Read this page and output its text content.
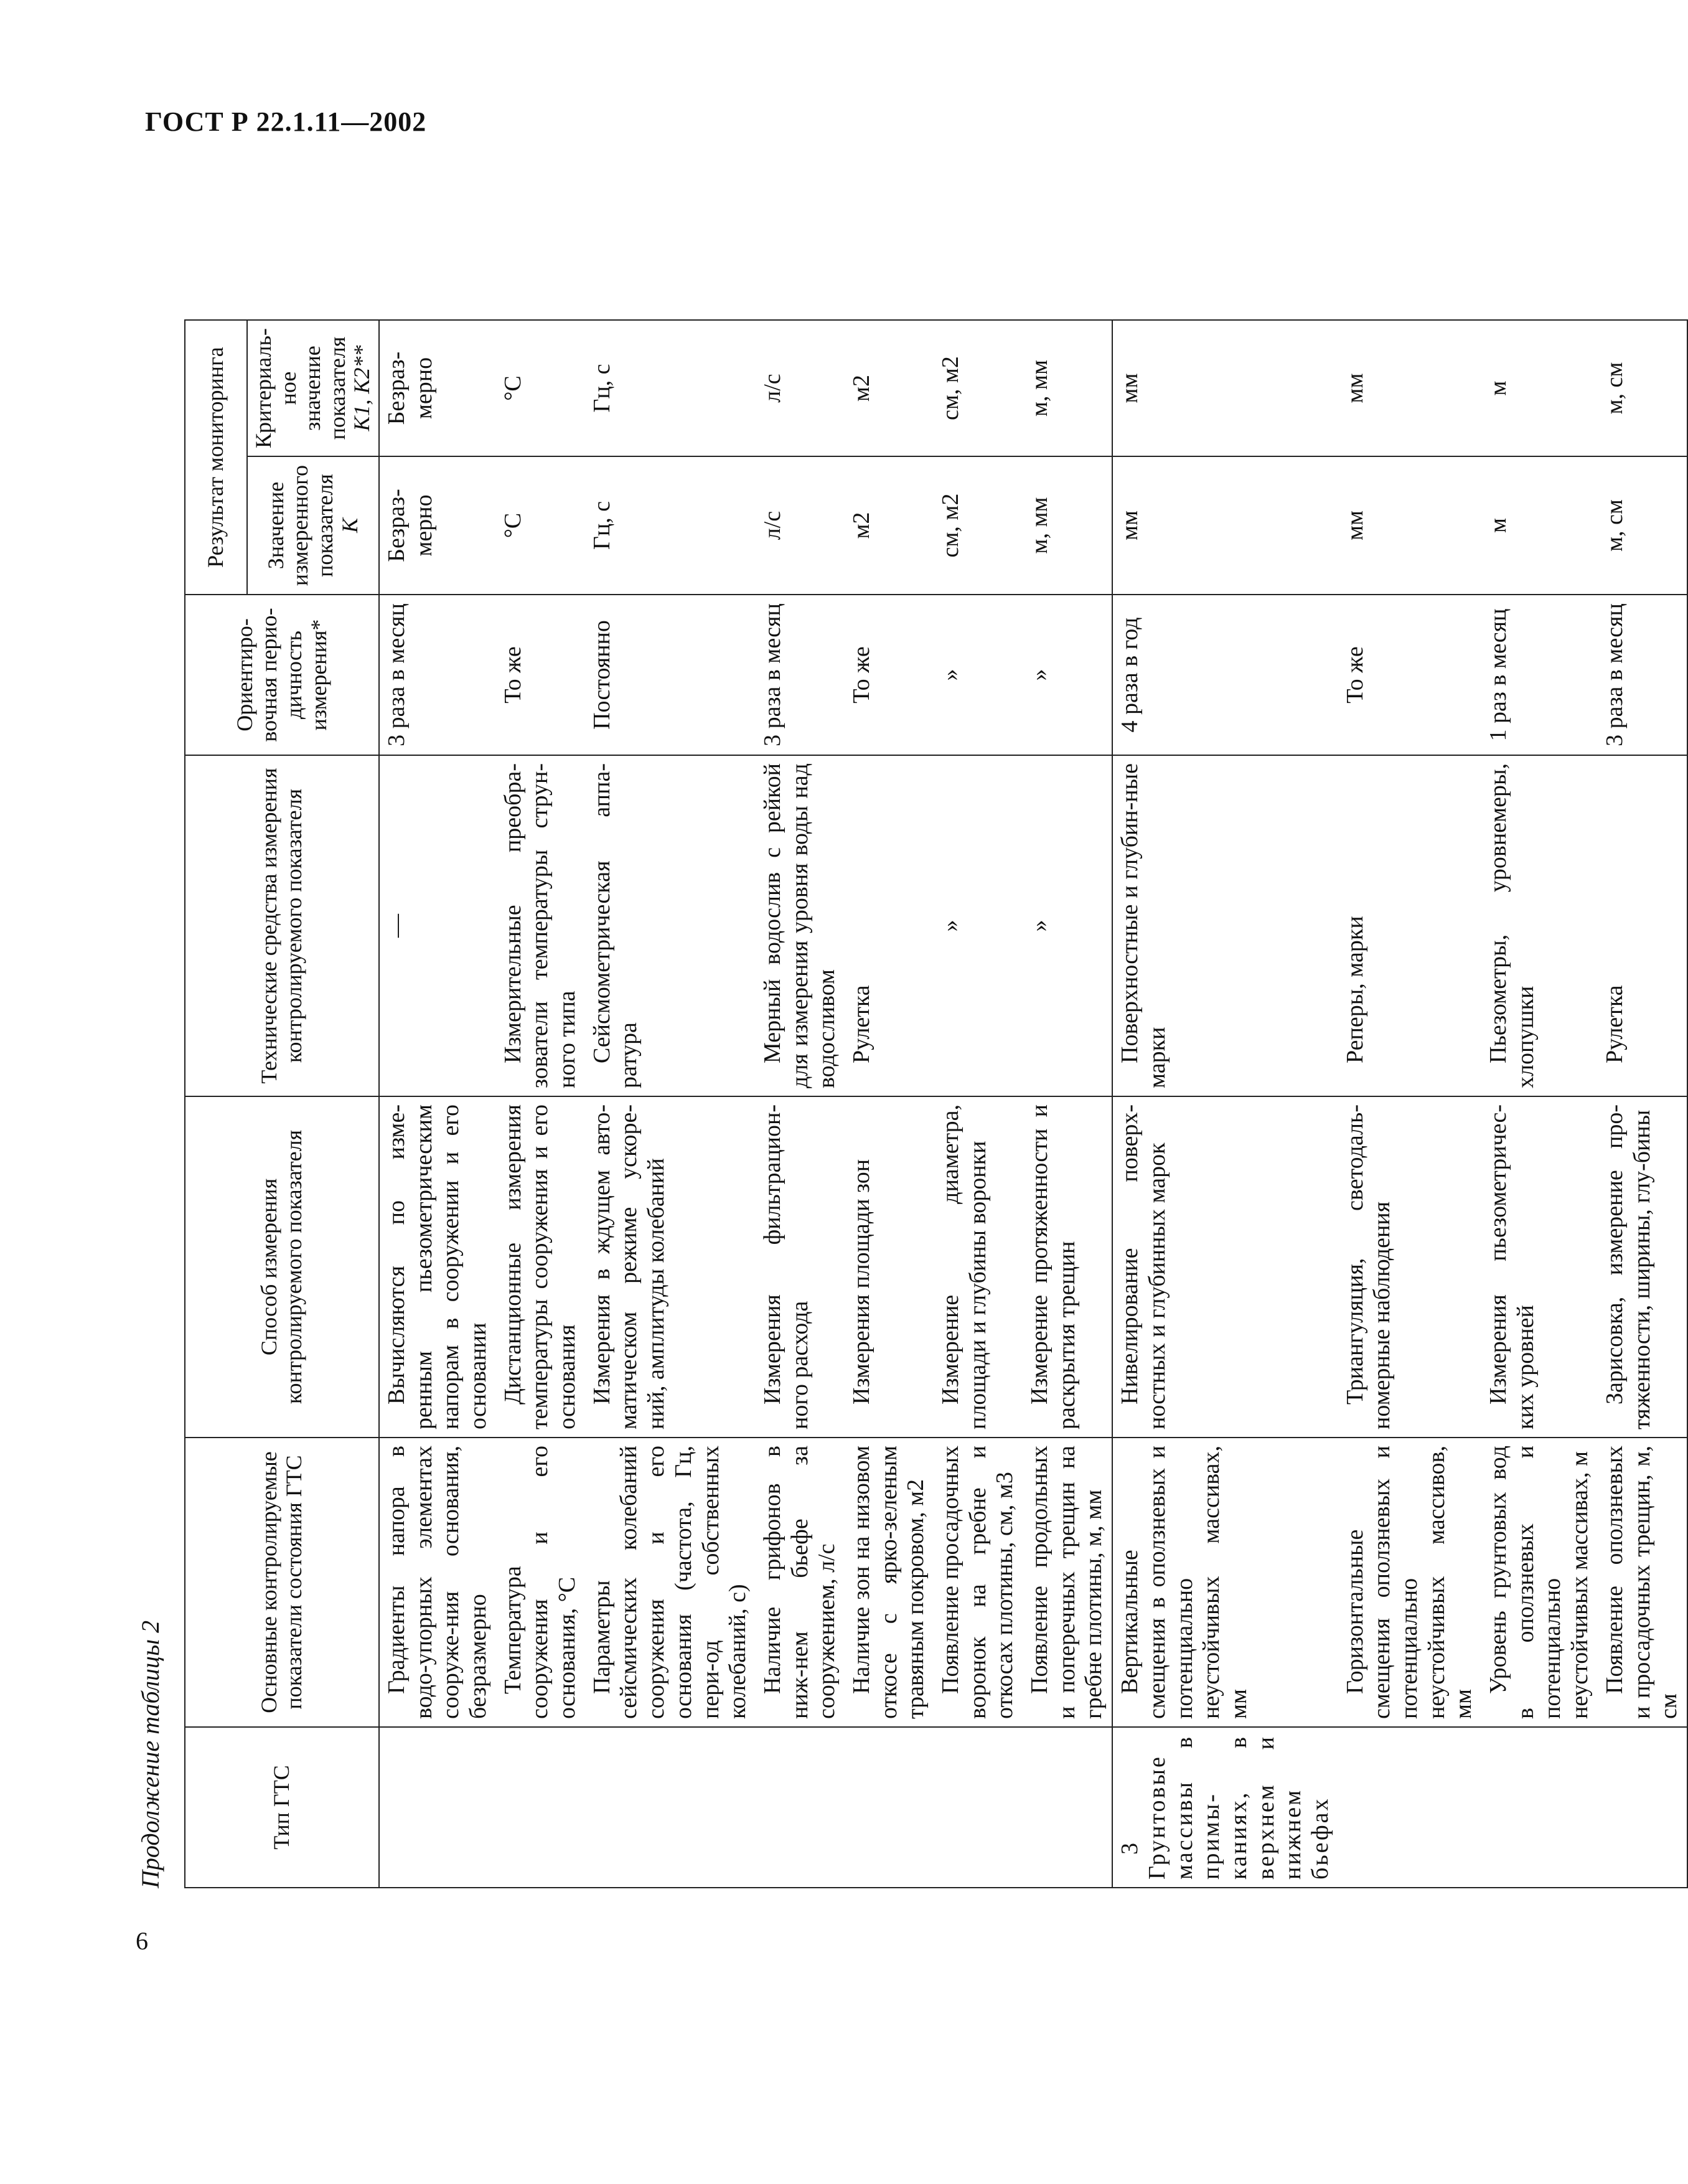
ГОСТ Р 22.1.11—2002
6
Продолжение таблицы 2	Тип ГТС	Основные контролируемые показатели состояния ГТС	Способ измерения контролируемого показателя	Технические средства измерения контролируемого показателя	Ориентиро-вочная перио-дичность измерения*	Результат мониторинга	
					Значение измеренного показателя K	Критериаль-ное значение показателя K1, K2**
	Градиенты напора в водо-упорных элементах сооруже-ния основания, безразмерно	Вычисляются по изме-ренным пьезометрическим напорам в сооружении и его основании	—	3 раза в месяц	Безраз-мерно	Безраз-мерно
	Температура сооружения и его основания, °С	Дистанционные измерения температуры сооружения и его основания	Измерительные преобра-зователи температуры струн-ного типа	То же	°С	°С
	Параметры сейсмических колебаний сооружения и его основания (частота, Гц, пери-од собственных колебаний, с)	Измерения в ждущем авто-матическом режиме ускоре-ний, амплитуды колебаний	Сейсмометрическая аппа-ратура	Постоянно	Гц, с	Гц, с
	Наличие грифонов в ниж-нем бьефе за сооружением, л/с	Измерения фильтрацион-ного расхода	Мерный водослив с рейкой для измерения уровня воды над водосливом	3 раза в месяц	л/с	л/с
	Наличие зон на низовом откосе с ярко-зеленым травяным покровом, м2	Измерения площади зон	Рулетка	То же	м2	м2
	Появление просадочных воронок на гребне и откосах плотины, см, м3	Измерение диаметра, площади и глубины воронки	»	»	см, м2	см, м2
	Появление продольных и поперечных трещин на гребне плотины, м, мм	Измерение протяженности и раскрытия трещин	»	»	м, мм	м, мм
3 Грунтовые массивы в примы-каниях, в верхнем и нижнем бьефах	Вертикальные смещения в оползневых и потенциально неустойчивых массивах, мм	Нивелирование поверх-ностных и глубинных марок	Поверхностные и глубин-ные марки	4 раза в год	мм	мм
	Горизонтальные смещения оползневых и потенциально неустойчивых массивов, мм	Триангуляция, светодаль-номерные наблюдения	Реперы, марки	То же	мм	мм
	Уровень грунтовых вод в оползневых и потенциально неустойчивых массивах, м	Измерения пьезометричес-ких уровней	Пьезометры, уровнемеры, хлопушки	1 раз в месяц	м	м
	Появление оползневых и просадочных трещин, м, см	Зарисовка, измерение про-тяженности, ширины, глу-бины	Рулетка	3 раза в месяц	м, см	м, см
